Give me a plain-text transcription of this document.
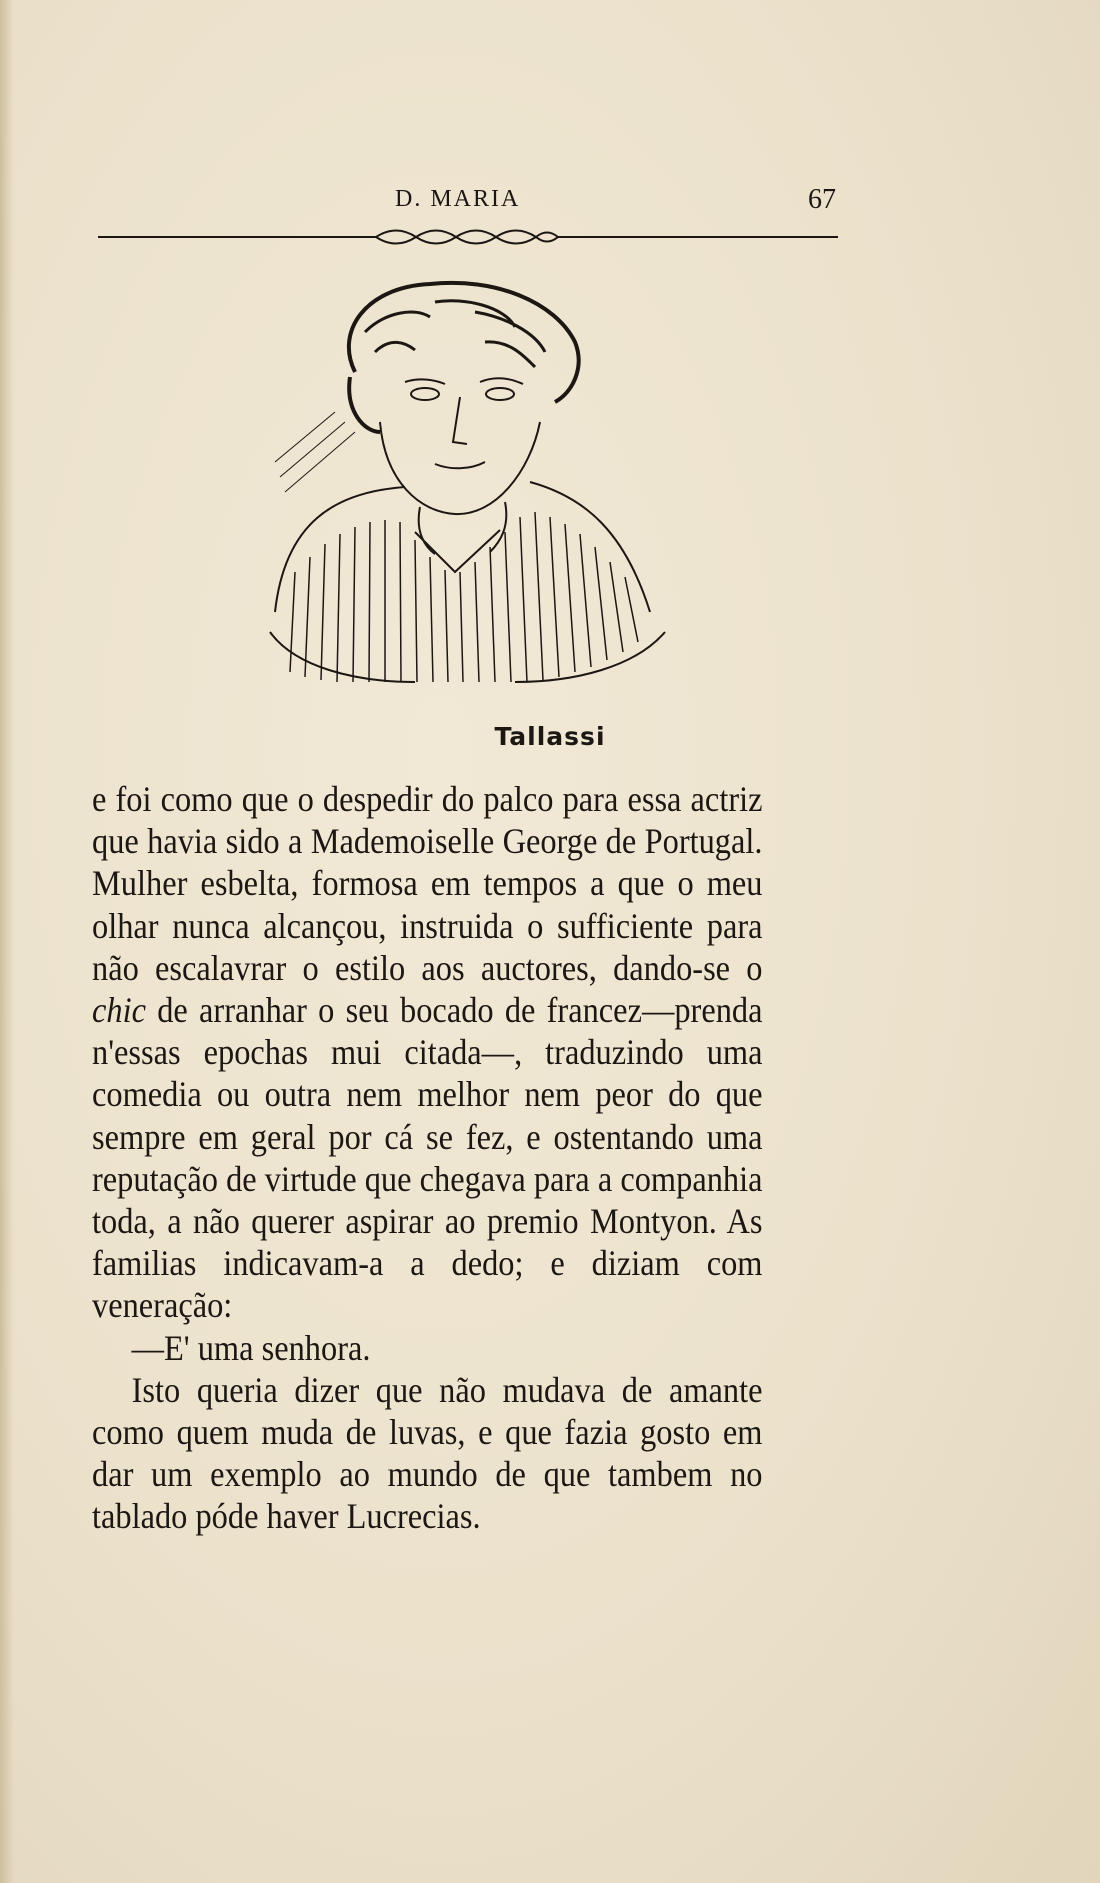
D. MARIA	67
Tallassi

e foi como que o despedir do palco para essa actriz que havia sido a Mademoiselle George de Portugal. Mulher esbelta, formosa em tempos a que o meu olhar nunca alcançou, instruida o sufficiente para não escalavrar o estilo aos auctores, dando-se o chic de arranhar o seu bocado de francez—prenda n'essas epochas mui citada—, traduzindo uma comedia ou outra nem melhor nem peor do que sempre em geral por cá se fez, e ostentando uma reputação de virtude que chegava para a companhia toda, a não querer aspirar ao premio Montyon. As familias indicavam-a a dedo; e diziam com veneração:

—E' uma senhora.

Isto queria dizer que não mudava de amante como quem muda de luvas, e que fazia gosto em dar um exemplo ao mundo de que tambem no tablado póde haver Lucrecias.
